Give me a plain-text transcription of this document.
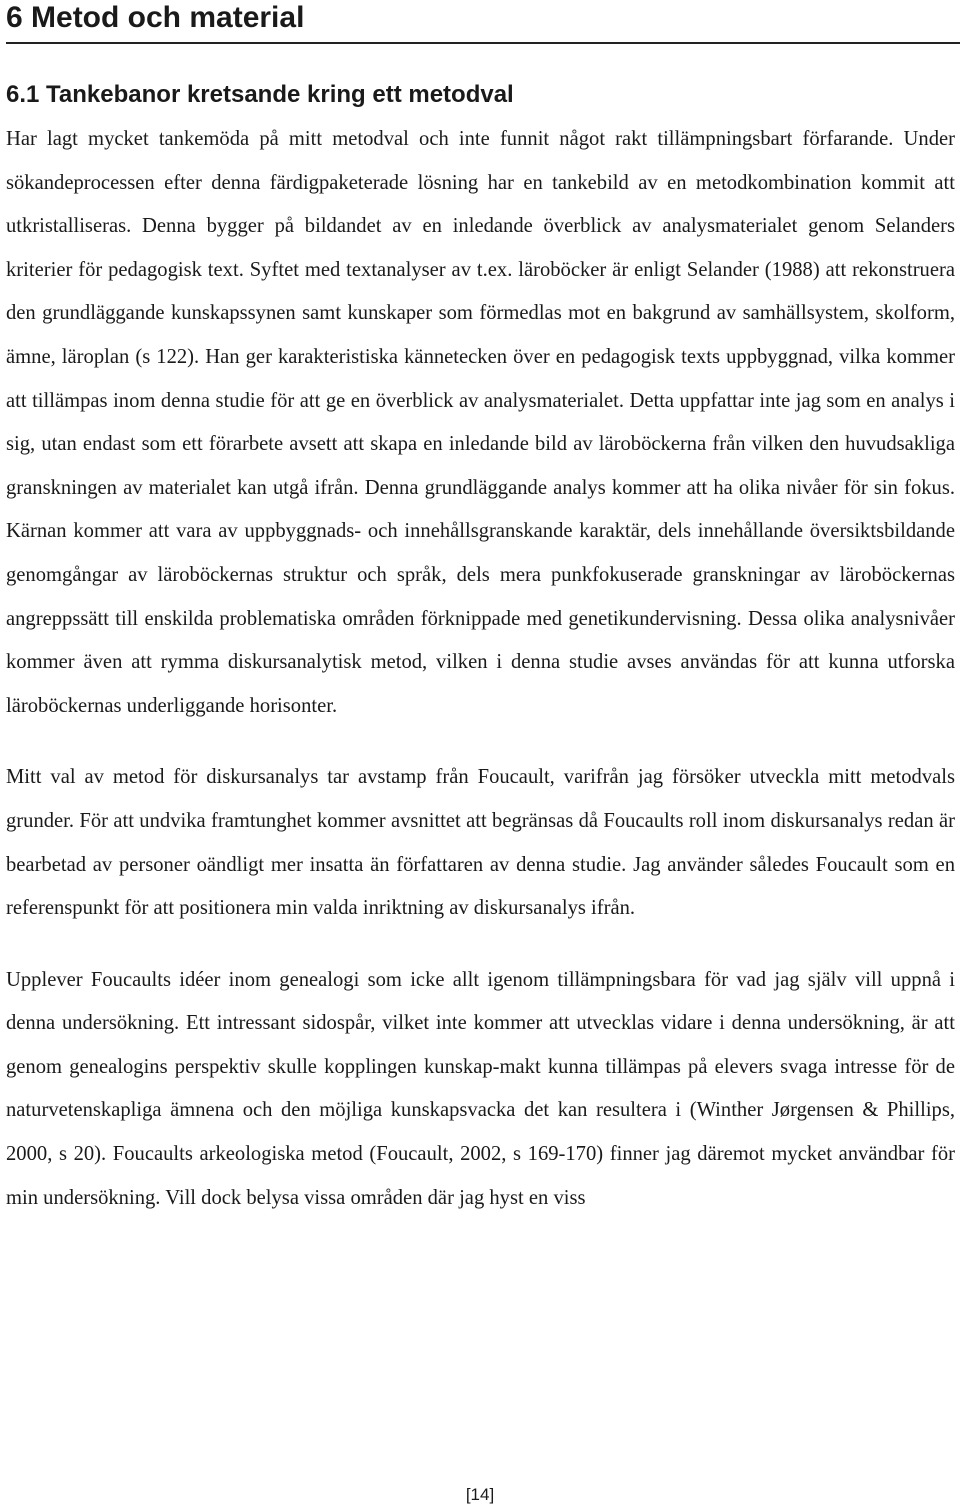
6 Metod och material
6.1 Tankebanor kretsande kring ett metodval

Har lagt mycket tankemöda på mitt metodval och inte funnit något rakt tillämpningsbart förfarande. Under sökandeprocessen efter denna färdigpaketerade lösning har en tankebild av en metodkombination kommit att utkristalliseras. Denna bygger på bildandet av en inledande överblick av analysmaterialet genom Selanders kriterier för pedagogisk text. Syftet med textanalyser av t.ex. läroböcker är enligt Selander (1988) att rekonstruera den grundläggande kunskapssynen samt kunskaper som förmedlas mot en bakgrund av samhällsystem, skolform, ämne, läroplan (s 122). Han ger karakteristiska kännetecken över en pedagogisk texts uppbyggnad, vilka kommer att tillämpas inom denna studie för att ge en överblick av analysmaterialet. Detta uppfattar inte jag som en analys i sig, utan endast som ett förarbete avsett att skapa en inledande bild av läroböckerna från vilken den huvudsakliga granskningen av materialet kan utgå ifrån. Denna grundläggande analys kommer att ha olika nivåer för sin fokus. Kärnan kommer att vara av uppbyggnads- och innehållsgranskande karaktär, dels innehållande översiktsbildande genomgångar av läroböckernas struktur och språk, dels mera punkfokuserade granskningar av läroböckernas angreppssätt till enskilda problematiska områden förknippade med genetikundervisning. Dessa olika analysnivåer kommer även att rymma diskursanalytisk metod, vilken i denna studie avses användas för att kunna utforska läroböckernas underliggande horisonter.

Mitt val av metod för diskursanalys tar avstamp från Foucault, varifrån jag försöker utveckla mitt metodvals grunder. För att undvika framtunghet kommer avsnittet att begränsas då Foucaults roll inom diskursanalys redan är bearbetad av personer oändligt mer insatta än författaren av denna studie. Jag använder således Foucault som en referenspunkt för att positionera min valda inriktning av diskursanalys ifrån.

Upplever Foucaults idéer inom genealogi som icke allt igenom tillämpningsbara för vad jag själv vill uppnå i denna undersökning. Ett intressant sidospår, vilket inte kommer att utvecklas vidare i denna undersökning, är att genom genealogins perspektiv skulle kopplingen kunskap-makt kunna tillämpas på elevers svaga intresse för de naturvetenskapliga ämnena och den möjliga kunskapsvacka det kan resultera i (Winther Jørgensen & Phillips, 2000, s 20). Foucaults arkeologiska metod (Foucault, 2002, s 169-170) finner jag däremot mycket användbar för min undersökning. Vill dock belysa vissa områden där jag hyst en viss

[14]
